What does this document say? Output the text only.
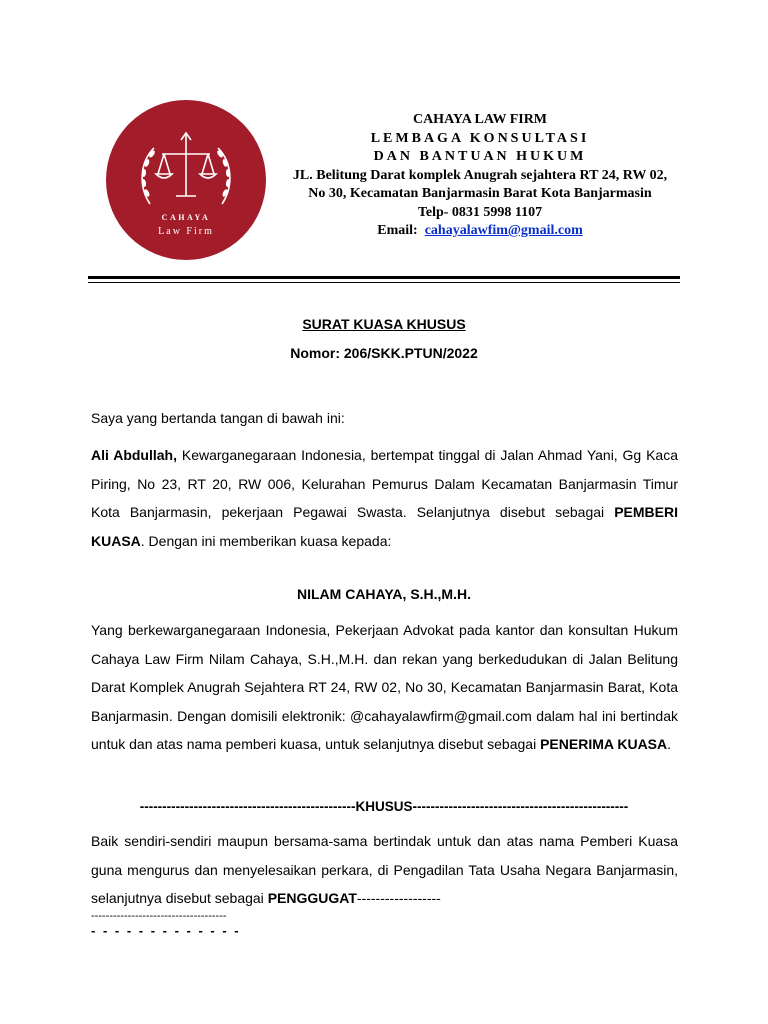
CAHAYA
Law Firm
CAHAYA LAW FIRM
LEMBAGA KONSULTASI
DAN BANTUAN HUKUM
JL. Belitung Darat komplek Anugrah sejahtera RT 24, RW 02,
No 30, Kecamatan Banjarmasin Barat Kota Banjarmasin
Telp- 0831 5998 1107
Email: cahayalawfim@gmail.com
SURAT KUASA KHUSUS
Nomor: 206/SKK.PTUN/2022
Saya yang bertanda tangan di bawah ini:
Ali Abdullah, Kewarganegaraan Indonesia, bertempat tinggal di Jalan Ahmad Yani, Gg Kaca Piring, No 23, RT 20, RW 006, Kelurahan Pemurus Dalam Kecamatan Banjarmasin Timur Kota Banjarmasin, pekerjaan Pegawai Swasta. Selanjutnya disebut sebagai PEMBERI KUASA. Dengan ini memberikan kuasa kepada:
NILAM CAHAYA, S.H.,M.H.
Yang berkewarganegaraan Indonesia, Pekerjaan Advokat pada kantor dan konsultan Hukum Cahaya Law Firm Nilam Cahaya, S.H.,M.H. dan rekan yang berkedudukan di Jalan Belitung Darat Komplek Anugrah Sejahtera RT 24, RW 02, No 30, Kecamatan Banjarmasin Barat, Kota Banjarmasin. Dengan domisili elektronik: @cahayalawfirm@gmail.com dalam hal ini bertindak untuk dan atas nama pemberi kuasa, untuk selanjutnya disebut sebagai PENERIMA KUASA.
------------------------------------------------KHUSUS------------------------------------------------
Baik sendiri-sendiri maupun bersama-sama bertindak untuk dan atas nama Pemberi Kuasa guna mengurus dan menyelesaikan perkara, di Pengadilan Tata Usaha Negara Banjarmasin, selanjutnya disebut sebagai PENGGUGAT------------------
-------------------------------------
- - - - - - - - - - - - -
